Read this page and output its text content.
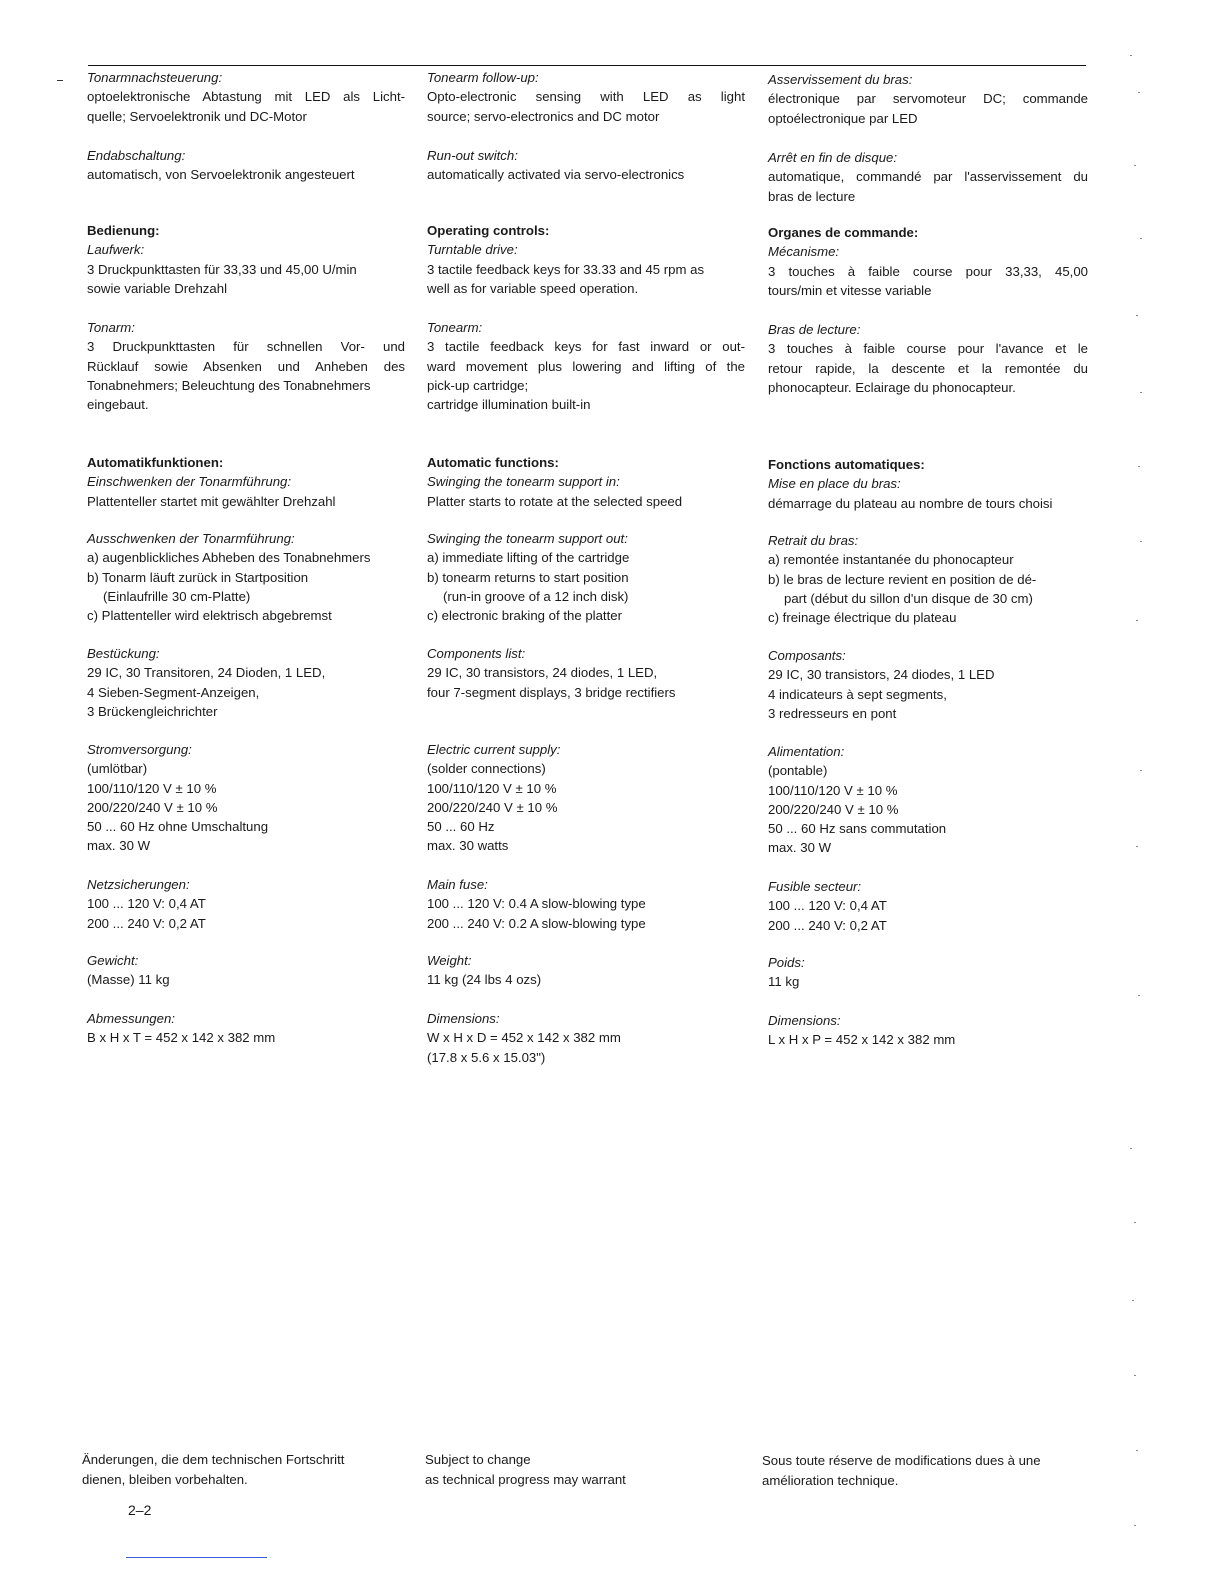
Tonarmnachsteuerung:
optoelektronische Abtastung mit LED als Licht-
quelle; Servoelektronik und DC-Motor
Endabschaltung:
automatisch, von Servoelektronik angesteuert
Bedienung:
Laufwerk:
3 Druckpunkttasten für 33,33 und 45,00 U/min
sowie variable Drehzahl
Tonarm:
3 Druckpunkttasten für schnellen Vor- und
Rücklauf sowie Absenken und Anheben des
Tonabnehmers; Beleuchtung des Tonabnehmers
eingebaut.
Automatikfunktionen:
Einschwenken der Tonarmführung:
Plattenteller startet mit gewählter Drehzahl
Ausschwenken der Tonarmführung:
a) augenblickliches Abheben des Tonabnehmers
b) Tonarm läuft zurück in Startposition
(Einlaufrille 30 cm-Platte)
c) Plattenteller wird elektrisch abgebremst
Bestückung:
29 IC, 30 Transitoren, 24 Dioden, 1 LED,
4 Sieben-Segment-Anzeigen,
3 Brückengleichrichter
Stromversorgung:
(umlötbar)
100/110/120 V ± 10 %
200/220/240 V ± 10 %
50 ... 60 Hz ohne Umschaltung
max. 30 W
Netzsicherungen:
100 ... 120 V: 0,4 AT
200 ... 240 V: 0,2 AT
Gewicht:
(Masse) 11 kg
Abmessungen:
B x H x T = 452 x 142 x 382 mm
Tonearm follow-up:
Opto-electronic sensing with LED as light
source; servo-electronics and DC motor
Run-out switch:
automatically activated via servo-electronics
Operating controls:
Turntable drive:
3 tactile feedback keys for 33.33 and 45 rpm as
well as for variable speed operation.
Tonearm:
3 tactile feedback keys for fast inward or out-
ward movement plus lowering and lifting of the
pick-up cartridge;
cartridge illumination built-in
Automatic functions:
Swinging the tonearm support in:
Platter starts to rotate at the selected speed
Swinging the tonearm support out:
a) immediate lifting of the cartridge
b) tonearm returns to start position
(run-in groove of a 12 inch disk)
c) electronic braking of the platter
Components list:
29 IC, 30 transistors, 24 diodes, 1 LED,
four 7-segment displays, 3 bridge rectifiers
Electric current supply:
(solder connections)
100/110/120 V ± 10 %
200/220/240 V ± 10 %
50 ... 60 Hz
max. 30 watts
Main fuse:
100 ... 120 V: 0.4 A slow-blowing type
200 ... 240 V: 0.2 A slow-blowing type
Weight:
11 kg (24 lbs 4 ozs)
Dimensions:
W x H x D = 452 x 142 x 382 mm
(17.8 x 5.6 x 15.03")
Asservissement du bras:
électronique par servomoteur DC; commande
optoélectronique par LED
Arrêt en fin de disque:
automatique, commandé par l'asservissement du
bras de lecture
Organes de commande:
Mécanisme:
3 touches à faible course pour 33,33, 45,00
tours/min et vitesse variable
Bras de lecture:
3 touches à faible course pour l'avance et le
retour rapide, la descente et la remontée du
phonocapteur. Eclairage du phonocapteur.
Fonctions automatiques:
Mise en place du bras:
démarrage du plateau au nombre de tours choisi
Retrait du bras:
a) remontée instantanée du phonocapteur
b) le bras de lecture revient en position de dé-
part (début du sillon d'un disque de 30 cm)
c) freinage électrique du plateau
Composants:
29 IC, 30 transistors, 24 diodes, 1 LED
4 indicateurs à sept segments,
3 redresseurs en pont
Alimentation:
(pontable)
100/110/120 V ± 10 %
200/220/240 V ± 10 %
50 ... 60 Hz sans commutation
max. 30 W
Fusible secteur:
100 ... 120 V: 0,4 AT
200 ... 240 V: 0,2 AT
Poids:
11 kg
Dimensions:
L x H x P = 452 x 142 x 382 mm
Änderungen, die dem technischen Fortschritt
dienen, bleiben vorbehalten.
Subject to change
as technical progress may warrant
Sous toute réserve de modifications dues à une
amélioration technique.
2–2
